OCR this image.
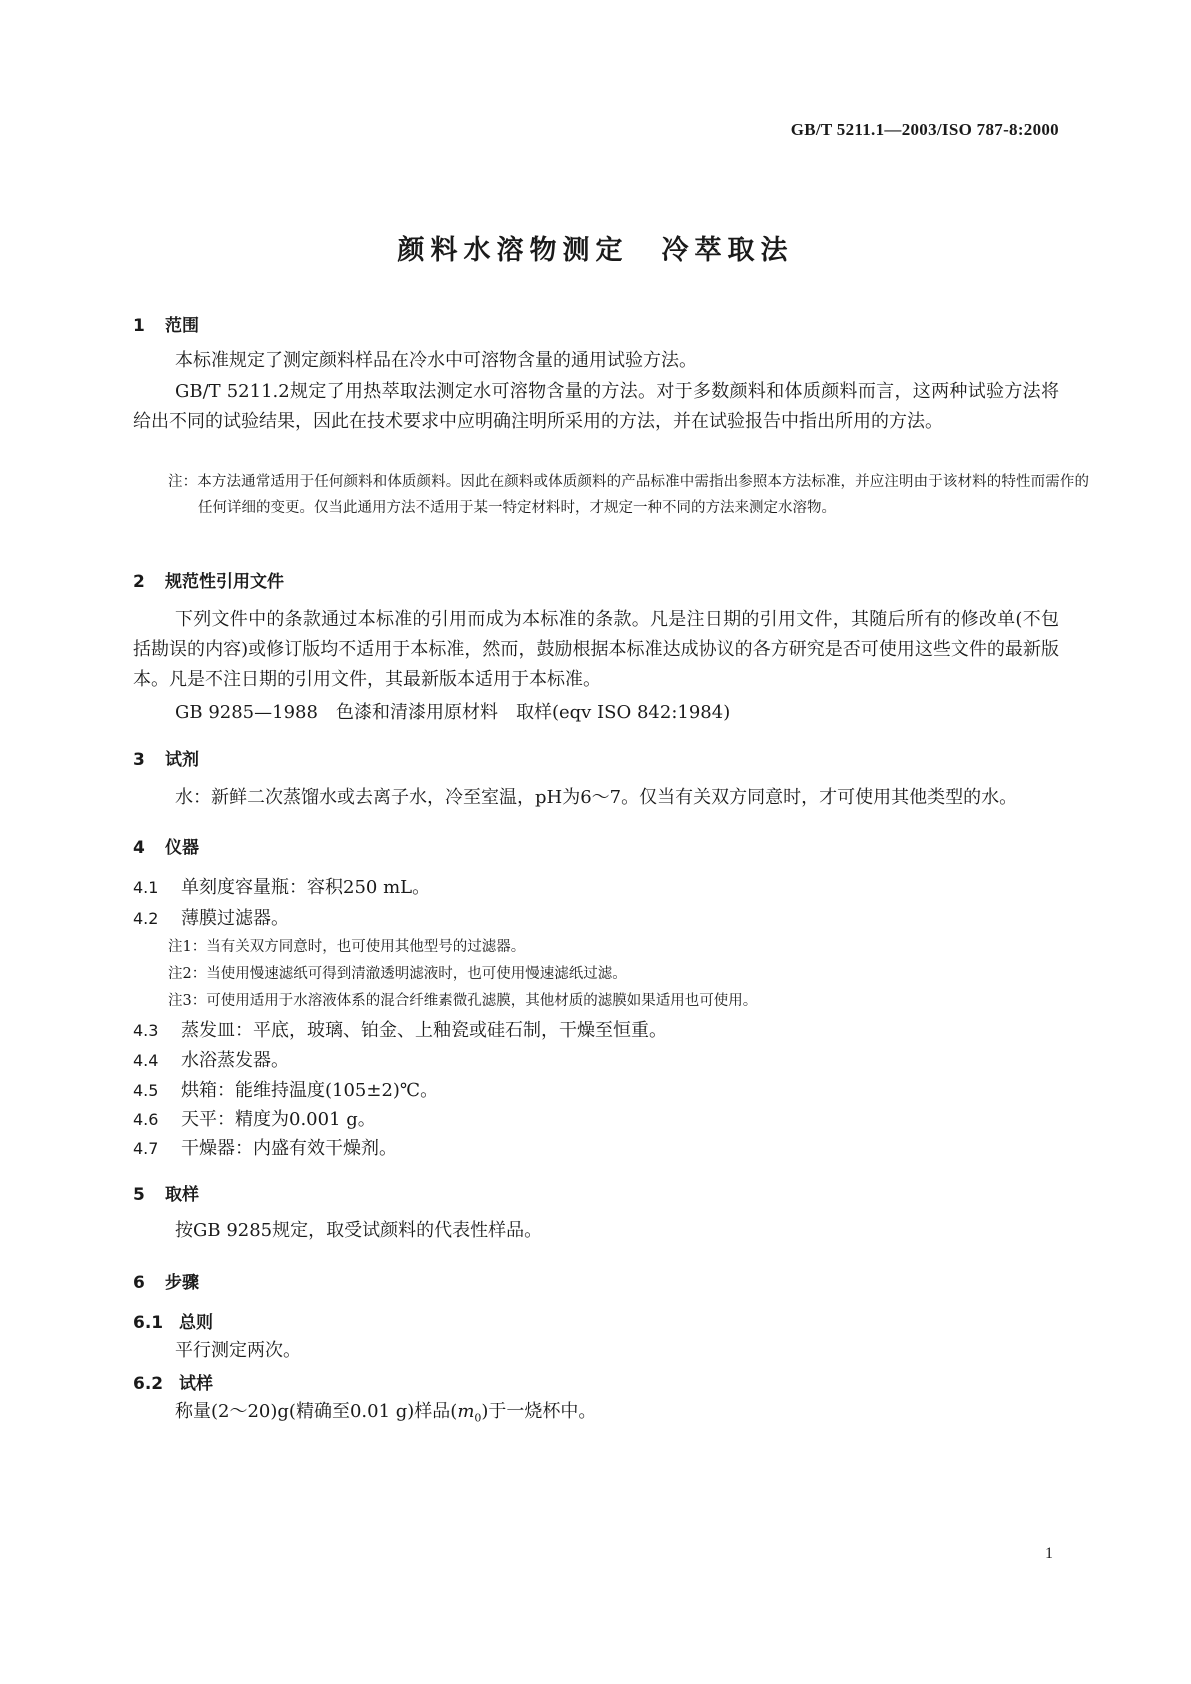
GB/T 5211.1—2003/ISO 787-8:2000
颜料水溶物测定　冷萃取法
1 范围

本标准规定了测定颜料样品在冷水中可溶物含量的通用试验方法。

GB/T 5211.2规定了用热萃取法测定水可溶物含量的方法。对于多数颜料和体质颜料而言，这两种试验方法将给出不同的试验结果，因此在技术要求中应明确注明所采用的方法，并在试验报告中指出所用的方法。

注：本方法通常适用于任何颜料和体质颜料。因此在颜料或体质颜料的产品标准中需指出参照本方法标准，并应注明由于该材料的特性而需作的任何详细的变更。仅当此通用方法不适用于某一特定材料时，才规定一种不同的方法来测定水溶物。

2 规范性引用文件

下列文件中的条款通过本标准的引用而成为本标准的条款。凡是注日期的引用文件，其随后所有的修改单(不包括勘误的内容)或修订版均不适用于本标准，然而，鼓励根据本标准达成协议的各方研究是否可使用这些文件的最新版本。凡是不注日期的引用文件，其最新版本适用于本标准。

GB 9285—1988 色漆和清漆用原材料 取样(eqv ISO 842:1984)

3 试剂

水：新鲜二次蒸馏水或去离子水，冷至室温，pH为6～7。仅当有关双方同意时，才可使用其他类型的水。

4 仪器
4.1 单刻度容量瓶：容积250 mL。
4.2 薄膜过滤器。
注1：当有关双方同意时，也可使用其他型号的过滤器。
注2：当使用慢速滤纸可得到清澈透明滤液时，也可使用慢速滤纸过滤。
注3：可使用适用于水溶液体系的混合纤维素微孔滤膜，其他材质的滤膜如果适用也可使用。
4.3 蒸发皿：平底，玻璃、铂金、上釉瓷或硅石制，干燥至恒重。
4.4 水浴蒸发器。
4.5 烘箱：能维持温度(105±2)℃。
4.6 天平：精度为0.001 g。
4.7 干燥器：内盛有效干燥剂。
5 取样

按GB 9285规定，取受试颜料的代表性样品。

6 步骤
6.1 总则

平行测定两次。

6.2 试样

称量(2～20)g(精确至0.01 g)样品$(m_0)$于一烧杯中。

1
